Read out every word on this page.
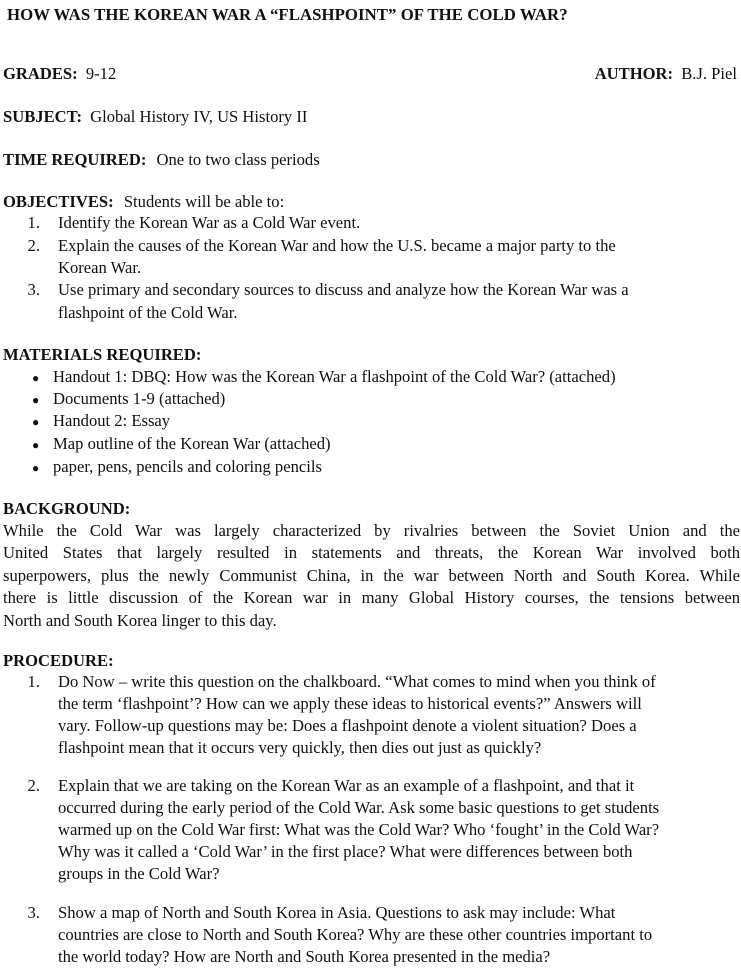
HOW WAS THE KOREAN WAR A “FLASHPOINT” OF THE COLD WAR?
GRADES: 9-12	AUTHOR: B.J. Piel
SUBJECT: Global History IV, US History II
TIME REQUIRED: One to two class periods
OBJECTIVES: Students will be able to:
1. Identify the Korean War as a Cold War event.
2. Explain the causes of the Korean War and how the U.S. became a major party to the
Korean War.
3. Use primary and secondary sources to discuss and analyze how the Korean War was a
flashpoint of the Cold War.
MATERIALS REQUIRED:
● Handout 1: DBQ: How was the Korean War a flashpoint of the Cold War? (attached)
● Documents 1-9 (attached)
● Handout 2: Essay
● Map outline of the Korean War (attached)
● paper, pens, pencils and coloring pencils
BACKGROUND:
While the Cold War was largely characterized by rivalries between the Soviet Union and the
United States that largely resulted in statements and threats, the Korean War involved both
superpowers, plus the newly Communist China, in the war between North and South Korea. While
there is little discussion of the Korean war in many Global History courses, the tensions between
North and South Korea linger to this day.
PROCEDURE:
1. Do Now – write this question on the chalkboard. “What comes to mind when you think of
the term ‘flashpoint’? How can we apply these ideas to historical events?” Answers will
vary. Follow-up questions may be: Does a flashpoint denote a violent situation? Does a
flashpoint mean that it occurs very quickly, then dies out just as quickly?
2. Explain that we are taking on the Korean War as an example of a flashpoint, and that it
occurred during the early period of the Cold War. Ask some basic questions to get students
warmed up on the Cold War first: What was the Cold War? Who ‘fought’ in the Cold War?
Why was it called a ‘Cold War’ in the first place? What were differences between both
groups in the Cold War?
3. Show a map of North and South Korea in Asia. Questions to ask may include: What
countries are close to North and South Korea? Why are these other countries important to
the world today? How are North and South Korea presented in the media?
